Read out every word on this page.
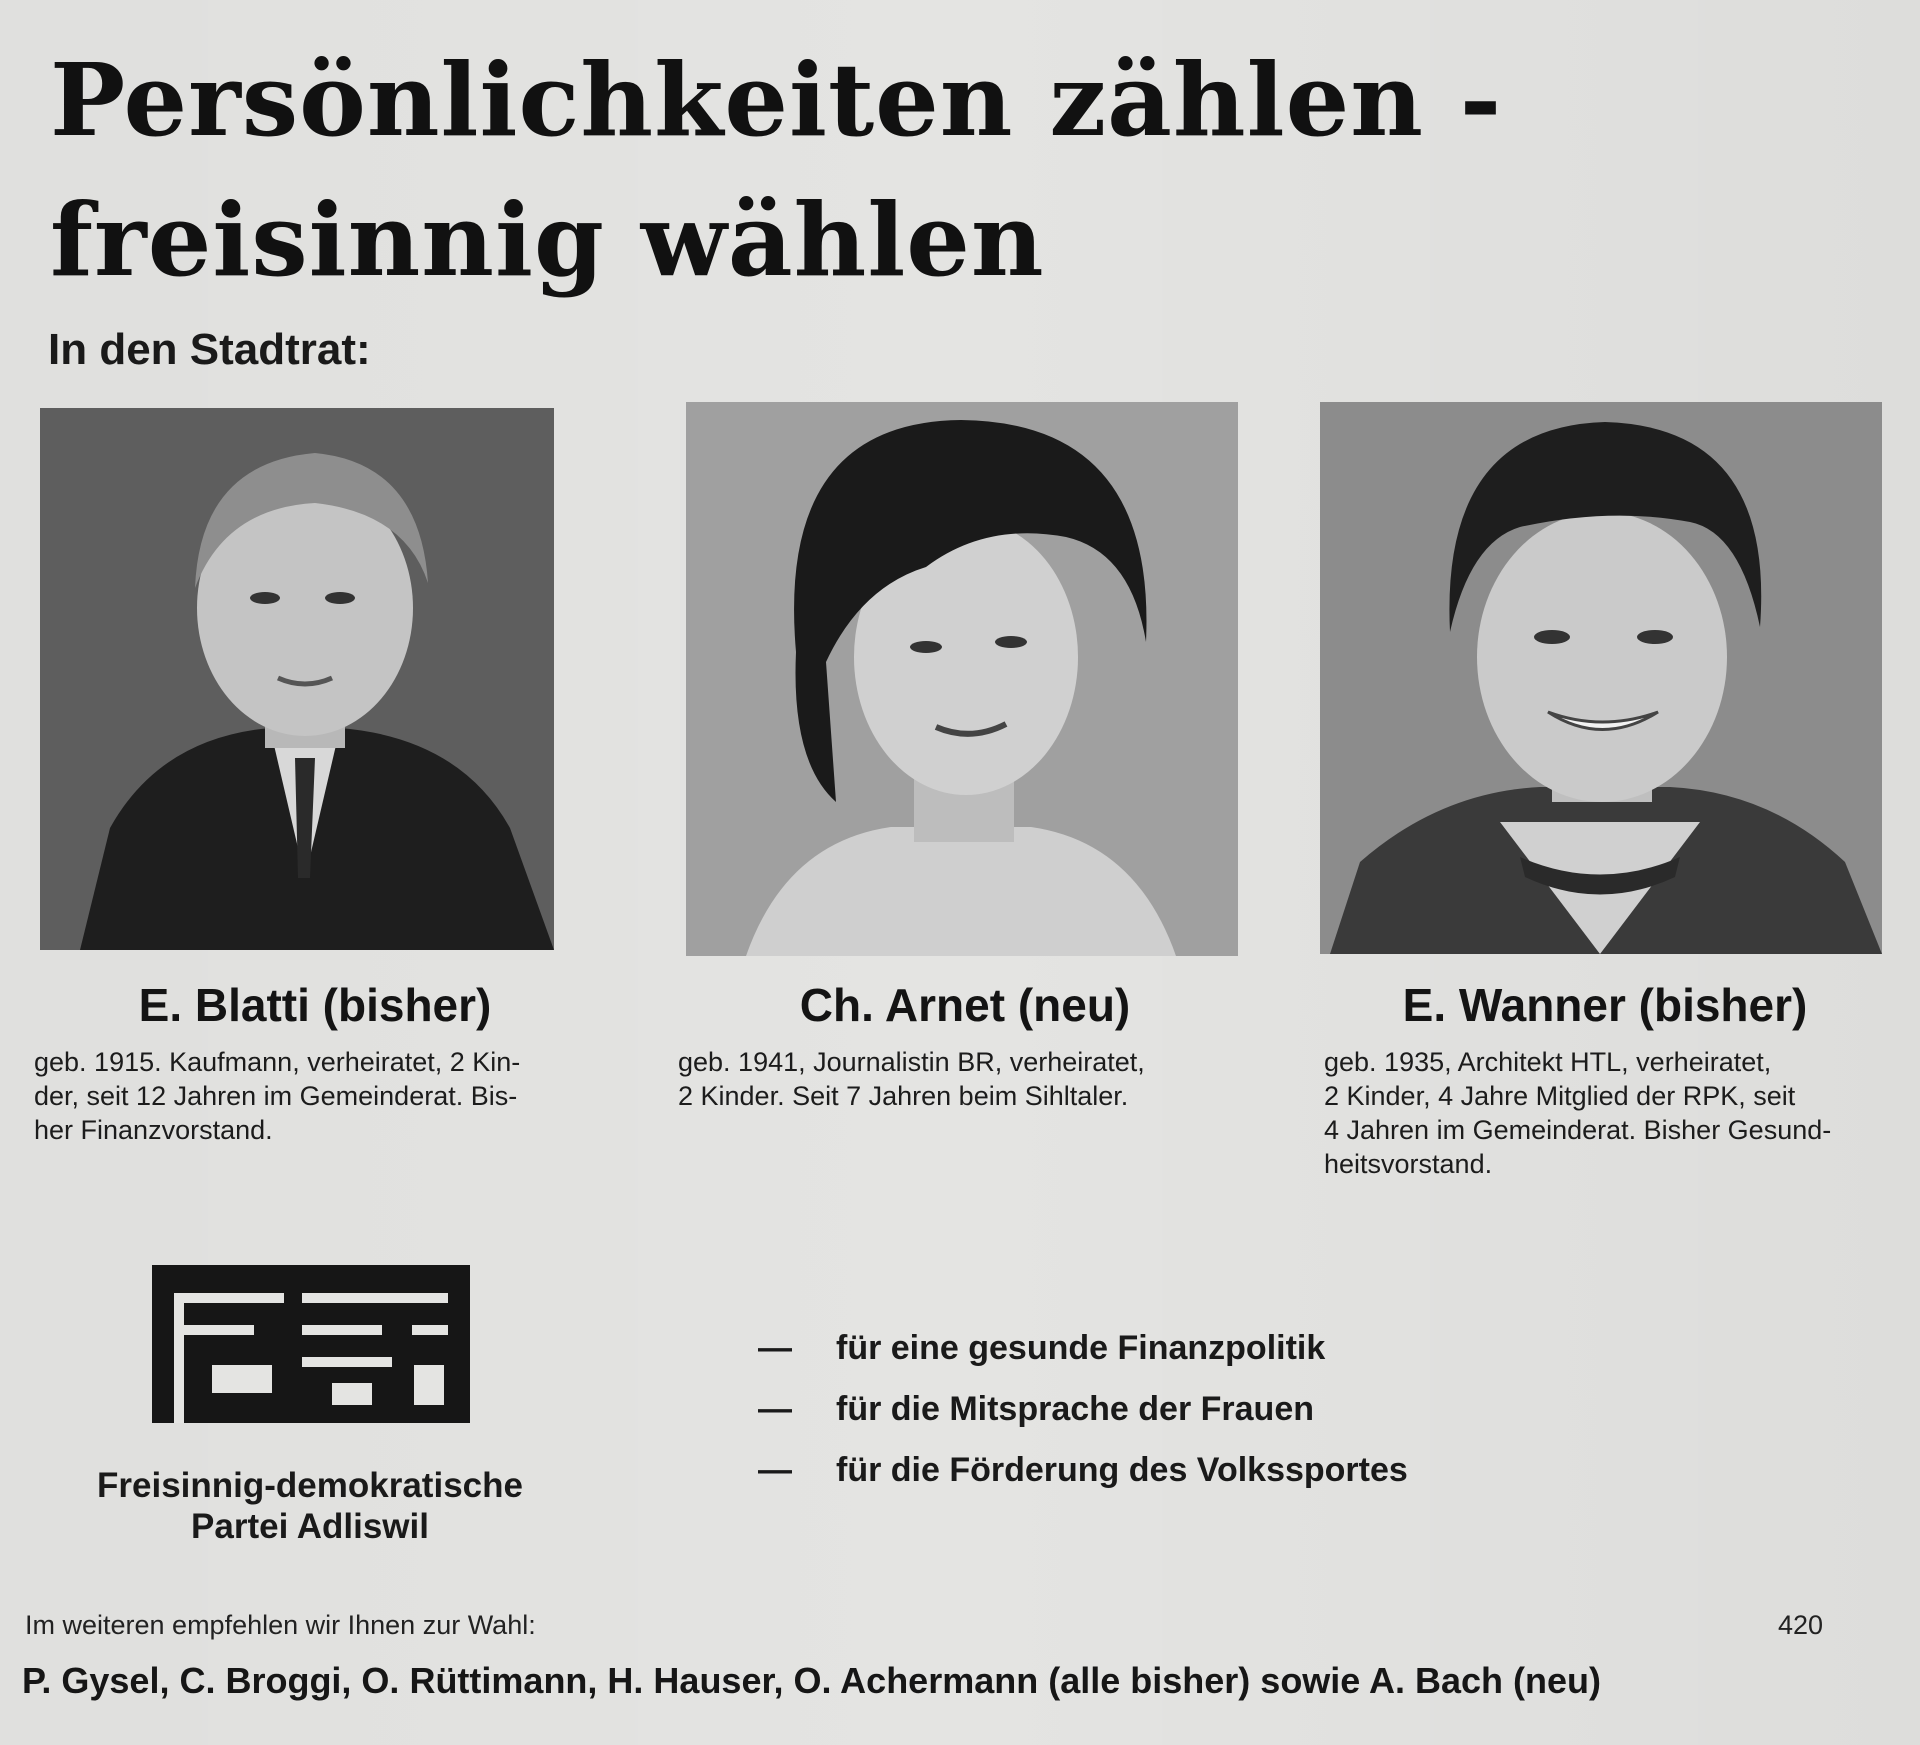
Persönlichkeiten zählen -
freisinnig wählen
In den Stadtrat:
E. Blatti (bisher)	Ch. Arnet (neu)	E. Wanner (bisher)
geb. 1915. Kaufmann, verheiratet, 2 Kin-
der, seit 12 Jahren im Gemeinderat. Bis-
her Finanzvorstand.
geb. 1941, Journalistin BR, verheiratet,
2 Kinder. Seit 7 Jahren beim Sihltaler.
geb. 1935, Architekt HTL, verheiratet,
2 Kinder, 4 Jahre Mitglied der RPK, seit
4 Jahren im Gemeinderat. Bisher Gesund-
heitsvorstand.
Freisinnig-demokratische
Partei Adliswil
— für eine gesunde Finanzpolitik
— für die Mitsprache der Frauen
— für die Förderung des Volkssportes
Im weiteren empfehlen wir Ihnen zur Wahl:	420
P. Gysel, C. Broggi, O. Rüttimann, H. Hauser, O. Achermann (alle bisher) sowie A. Bach (neu)
